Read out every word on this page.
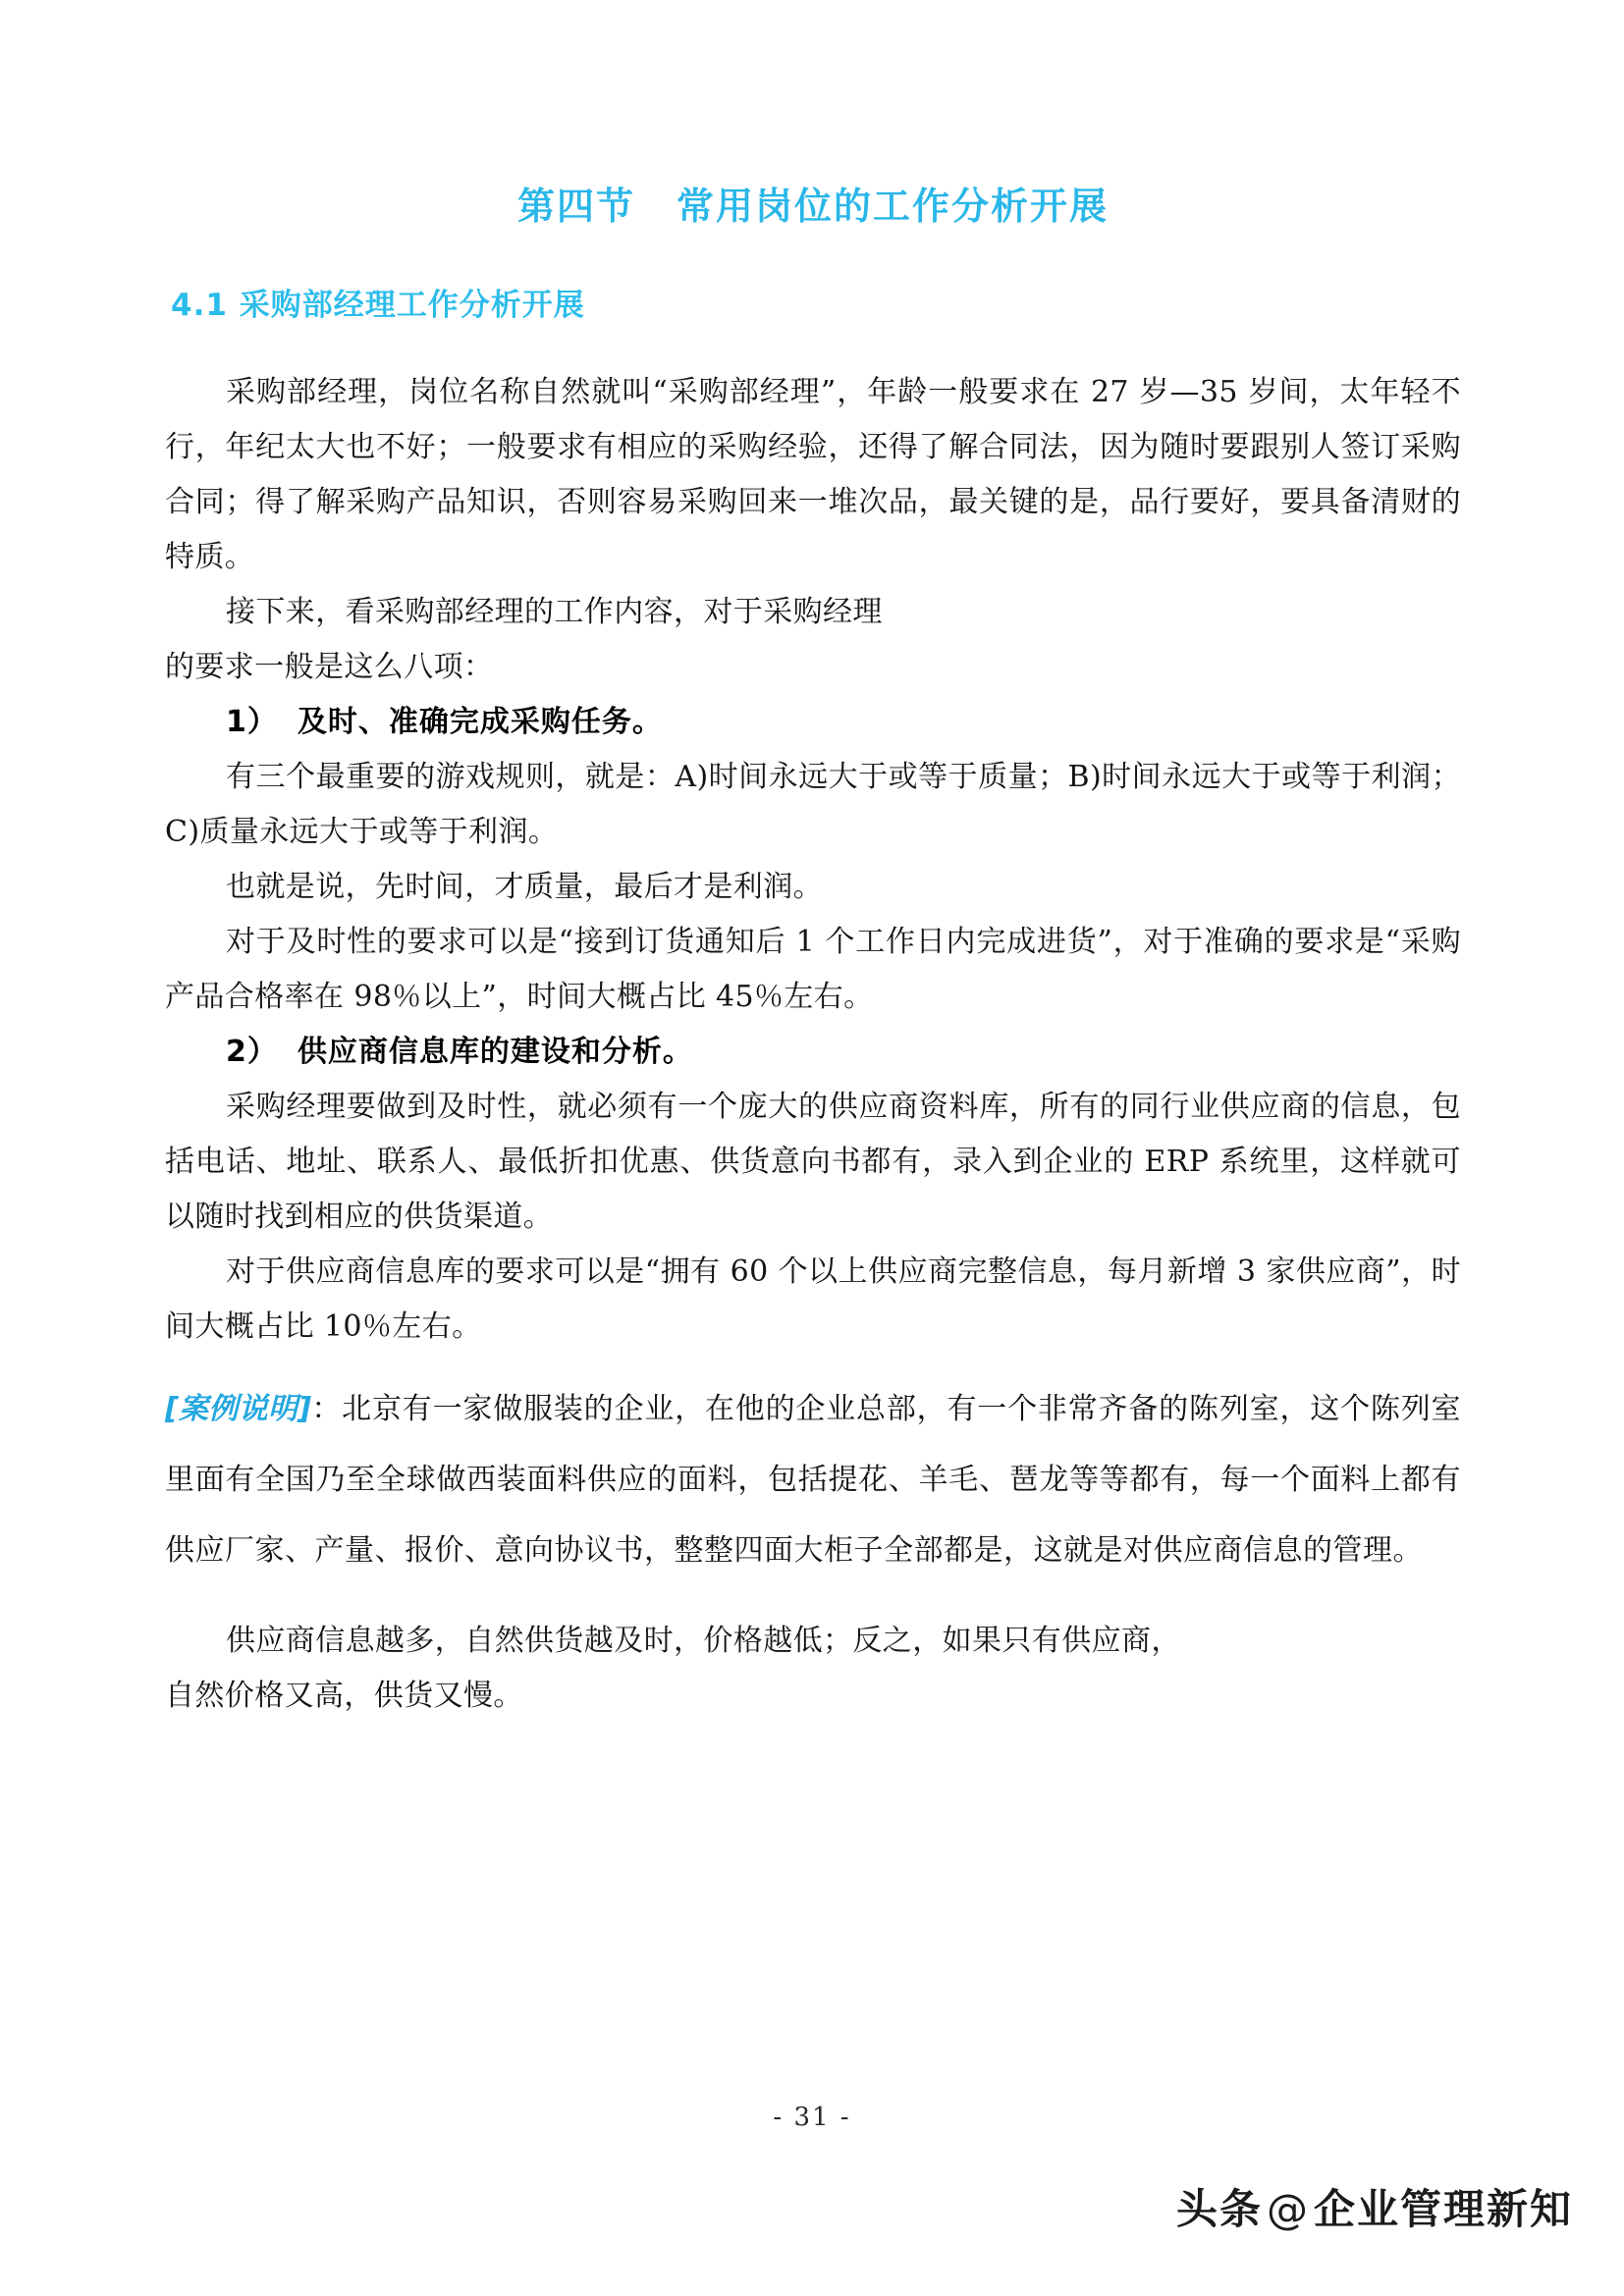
第四节 常用岗位的工作分析开展
4.1 采购部经理工作分析开展

采购部经理，岗位名称自然就叫“采购部经理”，年龄一般要求在 27 岁—35 岁间，太年轻不行，年纪太大也不好；一般要求有相应的采购经验，还得了解合同法，因为随时要跟别人签订采购合同；得了解采购产品知识，否则容易采购回来一堆次品，最关键的是，品行要好，要具备清财的特质。

接下来，看采购部经理的工作内容，对于采购经理

的要求一般是这么八项：

1） 及时、准确完成采购任务。

有三个最重要的游戏规则，就是：A)时间永远大于或等于质量；B)时间永远大于或等于利润；C)质量永远大于或等于利润。

也就是说，先时间，才质量，最后才是利润。

对于及时性的要求可以是“接到订货通知后 1 个工作日内完成进货”，对于准确的要求是“采购产品合格率在 98％以上”，时间大概占比 45％左右。

2） 供应商信息库的建设和分析。

采购经理要做到及时性，就必须有一个庞大的供应商资料库，所有的同行业供应商的信息，包括电话、地址、联系人、最低折扣优惠、供货意向书都有，录入到企业的 ERP 系统里，这样就可以随时找到相应的供货渠道。

对于供应商信息库的要求可以是“拥有 60 个以上供应商完整信息，每月新增 3 家供应商”，时间大概占比 10％左右。

[案例说明]：北京有一家做服装的企业，在他的企业总部，有一个非常齐备的陈列室，这个陈列室里面有全国乃至全球做西装面料供应的面料，包括提花、羊毛、琶龙等等都有，每一个面料上都有供应厂家、产量、报价、意向协议书，整整四面大柜子全部都是，这就是对供应商信息的管理。

供应商信息越多，自然供货越及时，价格越低；反之，如果只有供应商，

自然价格又高，供货又慢。

- 31 -
头条@企业管理新知
